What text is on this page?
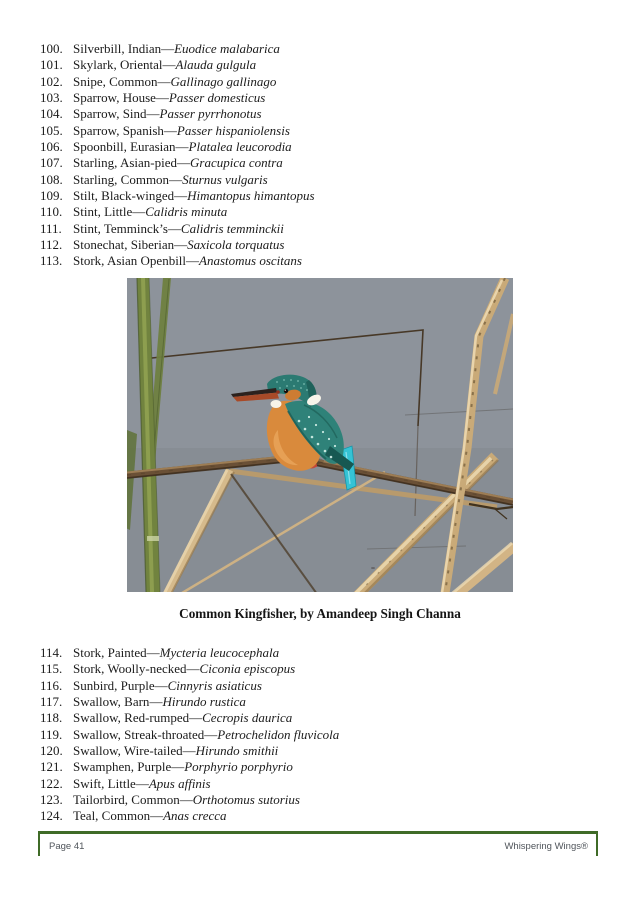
100. Silverbill, Indian—Euodice malabarica
101. Skylark, Oriental—Alauda gulgula
102. Snipe, Common—Gallinago gallinago
103. Sparrow, House—Passer domesticus
104. Sparrow, Sind—Passer pyrrhonotus
105. Sparrow, Spanish—Passer hispaniolensis
106. Spoonbill, Eurasian—Platalea leucorodia
107. Starling, Asian-pied—Gracupica contra
108. Starling, Common—Sturnus vulgaris
109. Stilt, Black-winged—Himantopus himantopus
110. Stint, Little—Calidris minuta
111. Stint, Temminck’s—Calidris temminckii
112. Stonechat, Siberian—Saxicola torquatus
113. Stork, Asian Openbill—Anastomus oscitans
Common Kingfisher, by Amandeep Singh Channa
114. Stork, Painted—Mycteria leucocephala
115. Stork, Woolly-necked—Ciconia episcopus
116. Sunbird, Purple—Cinnyris asiaticus
117. Swallow, Barn—Hirundo rustica
118. Swallow, Red-rumped—Cecropis daurica
119. Swallow, Streak-throated—Petrochelidon fluvicola
120. Swallow, Wire-tailed—Hirundo smithii
121. Swamphen, Purple—Porphyrio porphyrio
122. Swift, Little—Apus affinis
123. Tailorbird, Common—Orthotomus sutorius
124. Teal, Common—Anas crecca
Page 41	Whispering Wings®
